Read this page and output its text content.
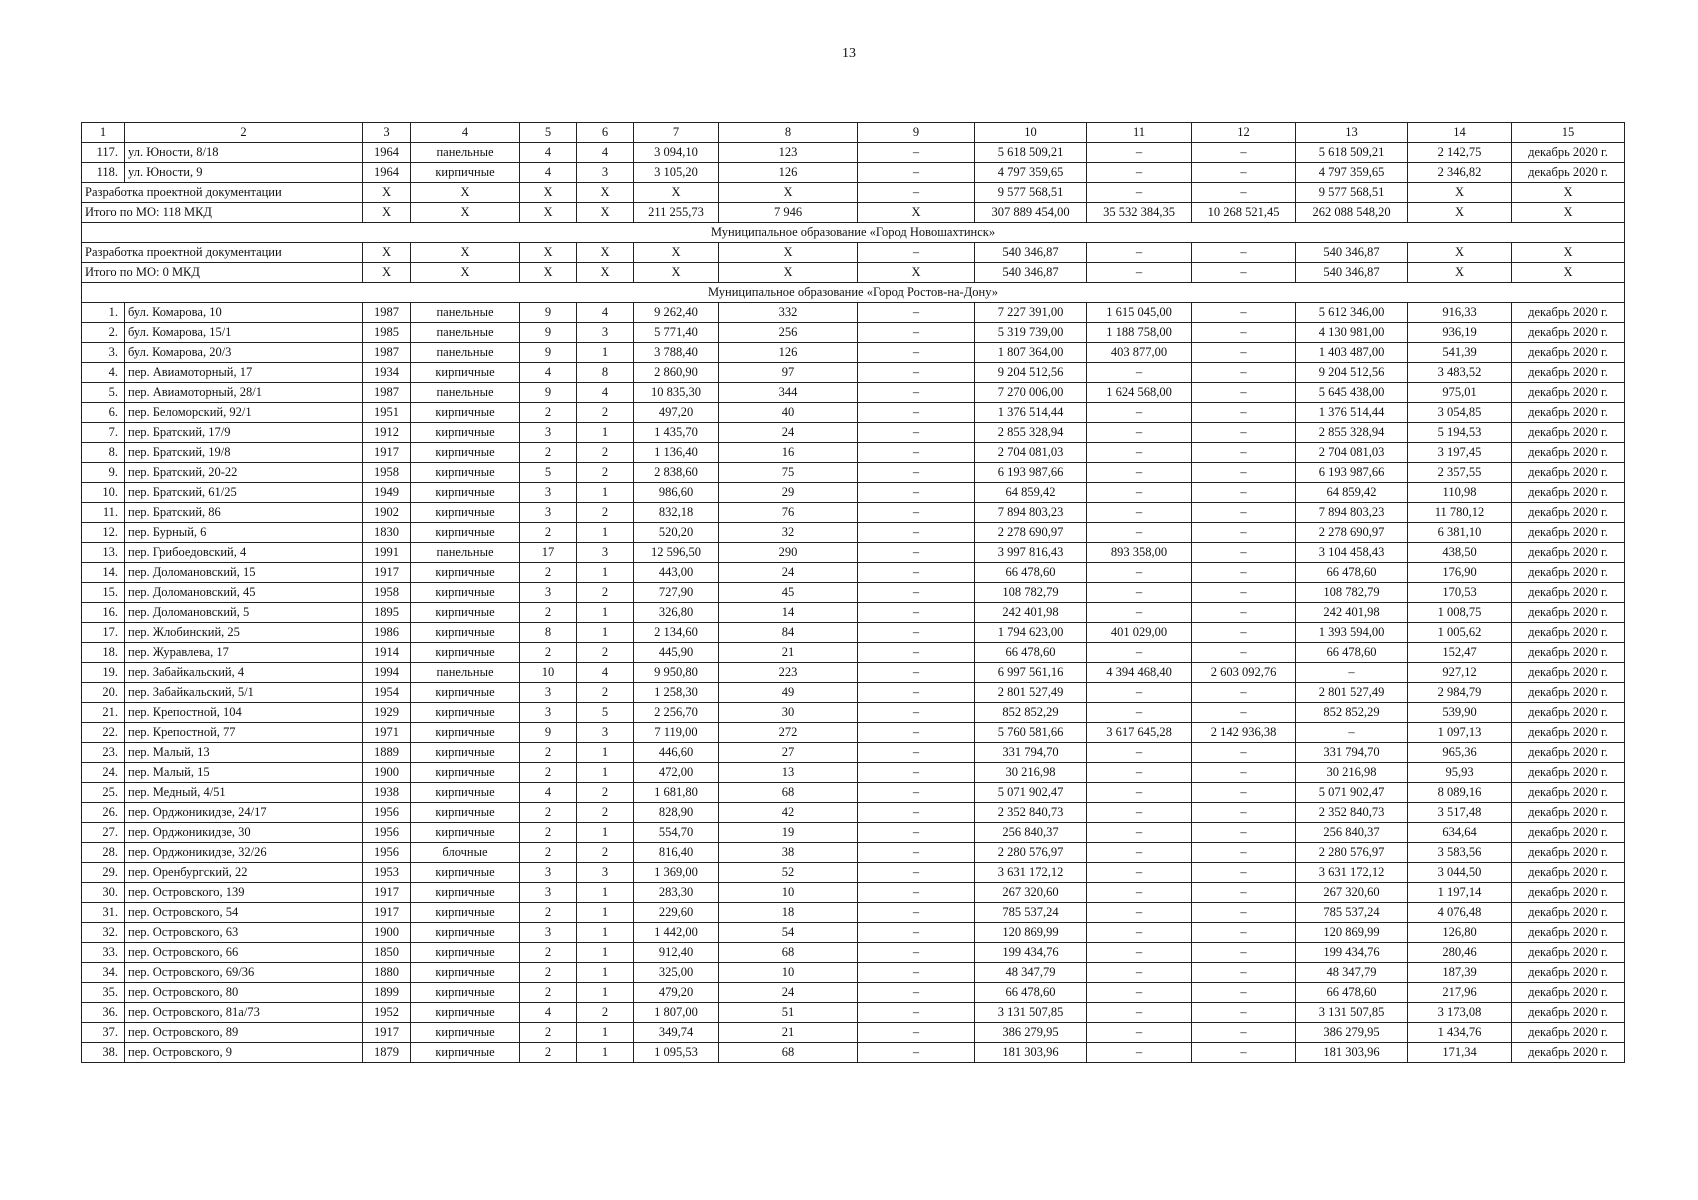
13
1	2	3	4	5	6	7	8	9	10	11	12	13	14	15
117.	ул. Юности, 8/18	1964	панельные	4	4	3 094,10	123	–	5 618 509,21	–	–	5 618 509,21	2 142,75	декабрь 2020 г.
118.	ул. Юности, 9	1964	кирпичные	4	3	3 105,20	126	–	4 797 359,65	–	–	4 797 359,65	2 346,82	декабрь 2020 г.
Разработка проектной документации		X	X	X	X	X	X	–	9 577 568,51	–	–	9 577 568,51	X	X
Итого по МО: 118 МКД		X	X	X	X	211 255,73	7 946	X	307 889 454,00	35 532 384,35	10 268 521,45	262 088 548,20	X	X
Муниципальное образование «Город Новошахтинск»														
Разработка проектной документации		X	X	X	X	X	X	–	540 346,87	–	–	540 346,87	X	X
Итого по МО: 0 МКД		X	X	X	X	X	X	X	540 346,87	–	–	540 346,87	X	X
Муниципальное образование «Город Ростов-на-Дону»														
1.	бул. Комарова, 10	1987	панельные	9	4	9 262,40	332	–	7 227 391,00	1 615 045,00	–	5 612 346,00	916,33	декабрь 2020 г.
2.	бул. Комарова, 15/1	1985	панельные	9	3	5 771,40	256	–	5 319 739,00	1 188 758,00	–	4 130 981,00	936,19	декабрь 2020 г.
3.	бул. Комарова, 20/3	1987	панельные	9	1	3 788,40	126	–	1 807 364,00	403 877,00	–	1 403 487,00	541,39	декабрь 2020 г.
4.	пер. Авиамоторный, 17	1934	кирпичные	4	8	2 860,90	97	–	9 204 512,56	–	–	9 204 512,56	3 483,52	декабрь 2020 г.
5.	пер. Авиамоторный, 28/1	1987	панельные	9	4	10 835,30	344	–	7 270 006,00	1 624 568,00	–	5 645 438,00	975,01	декабрь 2020 г.
6.	пер. Беломорский, 92/1	1951	кирпичные	2	2	497,20	40	–	1 376 514,44	–	–	1 376 514,44	3 054,85	декабрь 2020 г.
7.	пер. Братский, 17/9	1912	кирпичные	3	1	1 435,70	24	–	2 855 328,94	–	–	2 855 328,94	5 194,53	декабрь 2020 г.
8.	пер. Братский, 19/8	1917	кирпичные	2	2	1 136,40	16	–	2 704 081,03	–	–	2 704 081,03	3 197,45	декабрь 2020 г.
9.	пер. Братский, 20-22	1958	кирпичные	5	2	2 838,60	75	–	6 193 987,66	–	–	6 193 987,66	2 357,55	декабрь 2020 г.
10.	пер. Братский, 61/25	1949	кирпичные	3	1	986,60	29	–	64 859,42	–	–	64 859,42	110,98	декабрь 2020 г.
11.	пер. Братский, 86	1902	кирпичные	3	2	832,18	76	–	7 894 803,23	–	–	7 894 803,23	11 780,12	декабрь 2020 г.
12.	пер. Бурный, 6	1830	кирпичные	2	1	520,20	32	–	2 278 690,97	–	–	2 278 690,97	6 381,10	декабрь 2020 г.
13.	пер. Грибоедовский, 4	1991	панельные	17	3	12 596,50	290	–	3 997 816,43	893 358,00	–	3 104 458,43	438,50	декабрь 2020 г.
14.	пер. Доломановский, 15	1917	кирпичные	2	1	443,00	24	–	66 478,60	–	–	66 478,60	176,90	декабрь 2020 г.
15.	пер. Доломановский, 45	1958	кирпичные	3	2	727,90	45	–	108 782,79	–	–	108 782,79	170,53	декабрь 2020 г.
16.	пер. Доломановский, 5	1895	кирпичные	2	1	326,80	14	–	242 401,98	–	–	242 401,98	1 008,75	декабрь 2020 г.
17.	пер. Жлобинский, 25	1986	кирпичные	8	1	2 134,60	84	–	1 794 623,00	401 029,00	–	1 393 594,00	1 005,62	декабрь 2020 г.
18.	пер. Журавлева, 17	1914	кирпичные	2	2	445,90	21	–	66 478,60	–	–	66 478,60	152,47	декабрь 2020 г.
19.	пер. Забайкальский, 4	1994	панельные	10	4	9 950,80	223	–	6 997 561,16	4 394 468,40	2 603 092,76	–	927,12	декабрь 2020 г.
20.	пер. Забайкальский, 5/1	1954	кирпичные	3	2	1 258,30	49	–	2 801 527,49	–	–	2 801 527,49	2 984,79	декабрь 2020 г.
21.	пер. Крепостной, 104	1929	кирпичные	3	5	2 256,70	30	–	852 852,29	–	–	852 852,29	539,90	декабрь 2020 г.
22.	пер. Крепостной, 77	1971	кирпичные	9	3	7 119,00	272	–	5 760 581,66	3 617 645,28	2 142 936,38	–	1 097,13	декабрь 2020 г.
23.	пер. Малый, 13	1889	кирпичные	2	1	446,60	27	–	331 794,70	–	–	331 794,70	965,36	декабрь 2020 г.
24.	пер. Малый, 15	1900	кирпичные	2	1	472,00	13	–	30 216,98	–	–	30 216,98	95,93	декабрь 2020 г.
25.	пер. Медный, 4/51	1938	кирпичные	4	2	1 681,80	68	–	5 071 902,47	–	–	5 071 902,47	8 089,16	декабрь 2020 г.
26.	пер. Орджоникидзе, 24/17	1956	кирпичные	2	2	828,90	42	–	2 352 840,73	–	–	2 352 840,73	3 517,48	декабрь 2020 г.
27.	пер. Орджоникидзе, 30	1956	кирпичные	2	1	554,70	19	–	256 840,37	–	–	256 840,37	634,64	декабрь 2020 г.
28.	пер. Орджоникидзе, 32/26	1956	блочные	2	2	816,40	38	–	2 280 576,97	–	–	2 280 576,97	3 583,56	декабрь 2020 г.
29.	пер. Оренбургский, 22	1953	кирпичные	3	3	1 369,00	52	–	3 631 172,12	–	–	3 631 172,12	3 044,50	декабрь 2020 г.
30.	пер. Островского, 139	1917	кирпичные	3	1	283,30	10	–	267 320,60	–	–	267 320,60	1 197,14	декабрь 2020 г.
31.	пер. Островского, 54	1917	кирпичные	2	1	229,60	18	–	785 537,24	–	–	785 537,24	4 076,48	декабрь 2020 г.
32.	пер. Островского, 63	1900	кирпичные	3	1	1 442,00	54	–	120 869,99	–	–	120 869,99	126,80	декабрь 2020 г.
33.	пер. Островского, 66	1850	кирпичные	2	1	912,40	68	–	199 434,76	–	–	199 434,76	280,46	декабрь 2020 г.
34.	пер. Островского, 69/36	1880	кирпичные	2	1	325,00	10	–	48 347,79	–	–	48 347,79	187,39	декабрь 2020 г.
35.	пер. Островского, 80	1899	кирпичные	2	1	479,20	24	–	66 478,60	–	–	66 478,60	217,96	декабрь 2020 г.
36.	пер. Островского, 81а/73	1952	кирпичные	4	2	1 807,00	51	–	3 131 507,85	–	–	3 131 507,85	3 173,08	декабрь 2020 г.
37.	пер. Островского, 89	1917	кирпичные	2	1	349,74	21	–	386 279,95	–	–	386 279,95	1 434,76	декабрь 2020 г.
38.	пер. Островского, 9	1879	кирпичные	2	1	1 095,53	68	–	181 303,96	–	–	181 303,96	171,34	декабрь 2020 г.
